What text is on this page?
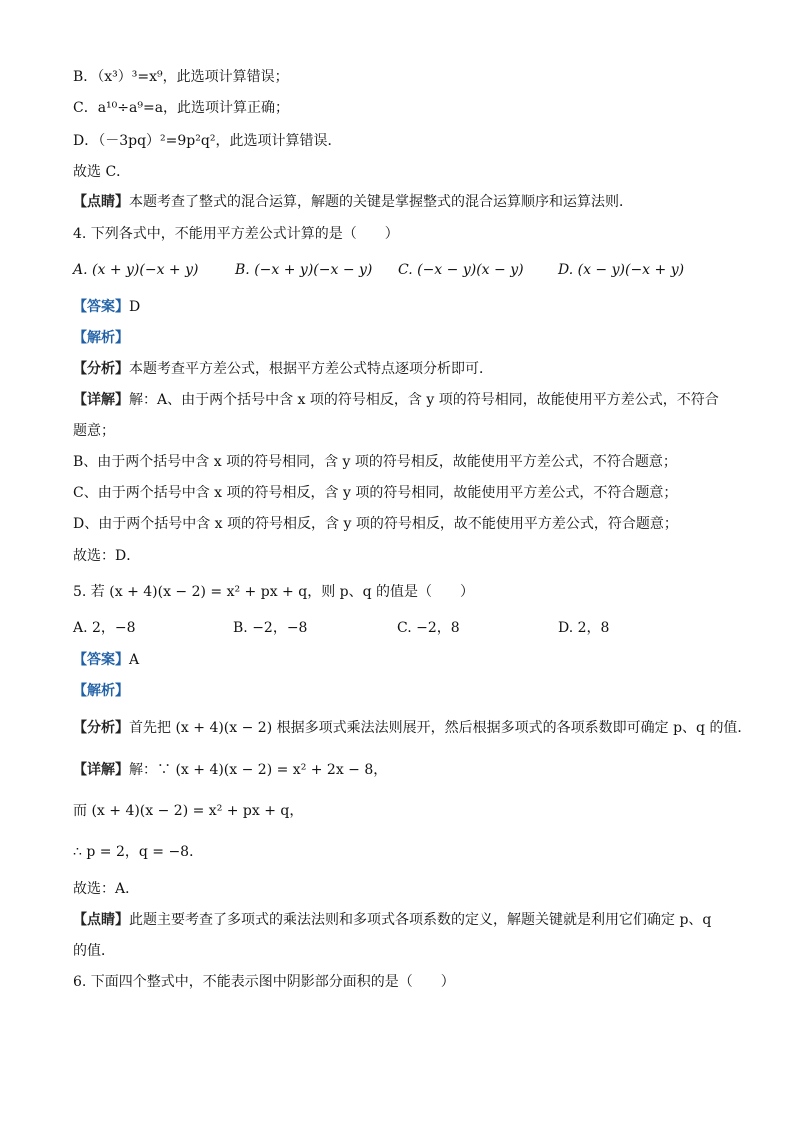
B．（x³）³=x⁹，此选项计算错误；
C．a¹⁰÷a⁹=a，此选项计算正确；
D．（－3pq）²=9p²q²，此选项计算错误．
故选 C．
【点睛】本题考查了整式的混合运算，解题的关键是掌握整式的混合运算顺序和运算法则．
4. 下列各式中，不能用平方差公式计算的是（　　）
A. (x + y)(−x + y)	B. (−x + y)(−x − y) C. (−x − y)(x − y) D. (x − y)(−x + y)
【答案】D
【解析】
【分析】本题考查平方差公式，根据平方差公式特点逐项分析即可．
【详解】解：A、由于两个括号中含 x 项的符号相反，含 y 项的符号相同，故能使用平方差公式，不符合
题意；
B、由于两个括号中含 x 项的符号相同，含 y 项的符号相反，故能使用平方差公式，不符合题意；
C、由于两个括号中含 x 项的符号相反，含 y 项的符号相同，故能使用平方差公式，不符合题意；
D、由于两个括号中含 x 项的符号相反，含 y 项的符号相反，故不能使用平方差公式，符合题意；
故选：D．
5. 若 (x + 4)(x − 2) = x² + px + q，则 p、q 的值是（　　）
A. 2，−8	B. −2，−8	C. −2，8	D. 2，8
【答案】A
【解析】
【分析】首先把 (x + 4)(x − 2) 根据多项式乘法法则展开，然后根据多项式的各项系数即可确定 p、q 的值．
【详解】解：∵ (x + 4)(x − 2) = x² + 2x − 8，
而 (x + 4)(x − 2) = x² + px + q，
∴ p = 2，q = −8．
故选：A．
【点睛】此题主要考查了多项式的乘法法则和多项式各项系数的定义，解题关键就是利用它们确定 p、q
的值．
6. 下面四个整式中，不能表示图中阴影部分面积的是（　　）
